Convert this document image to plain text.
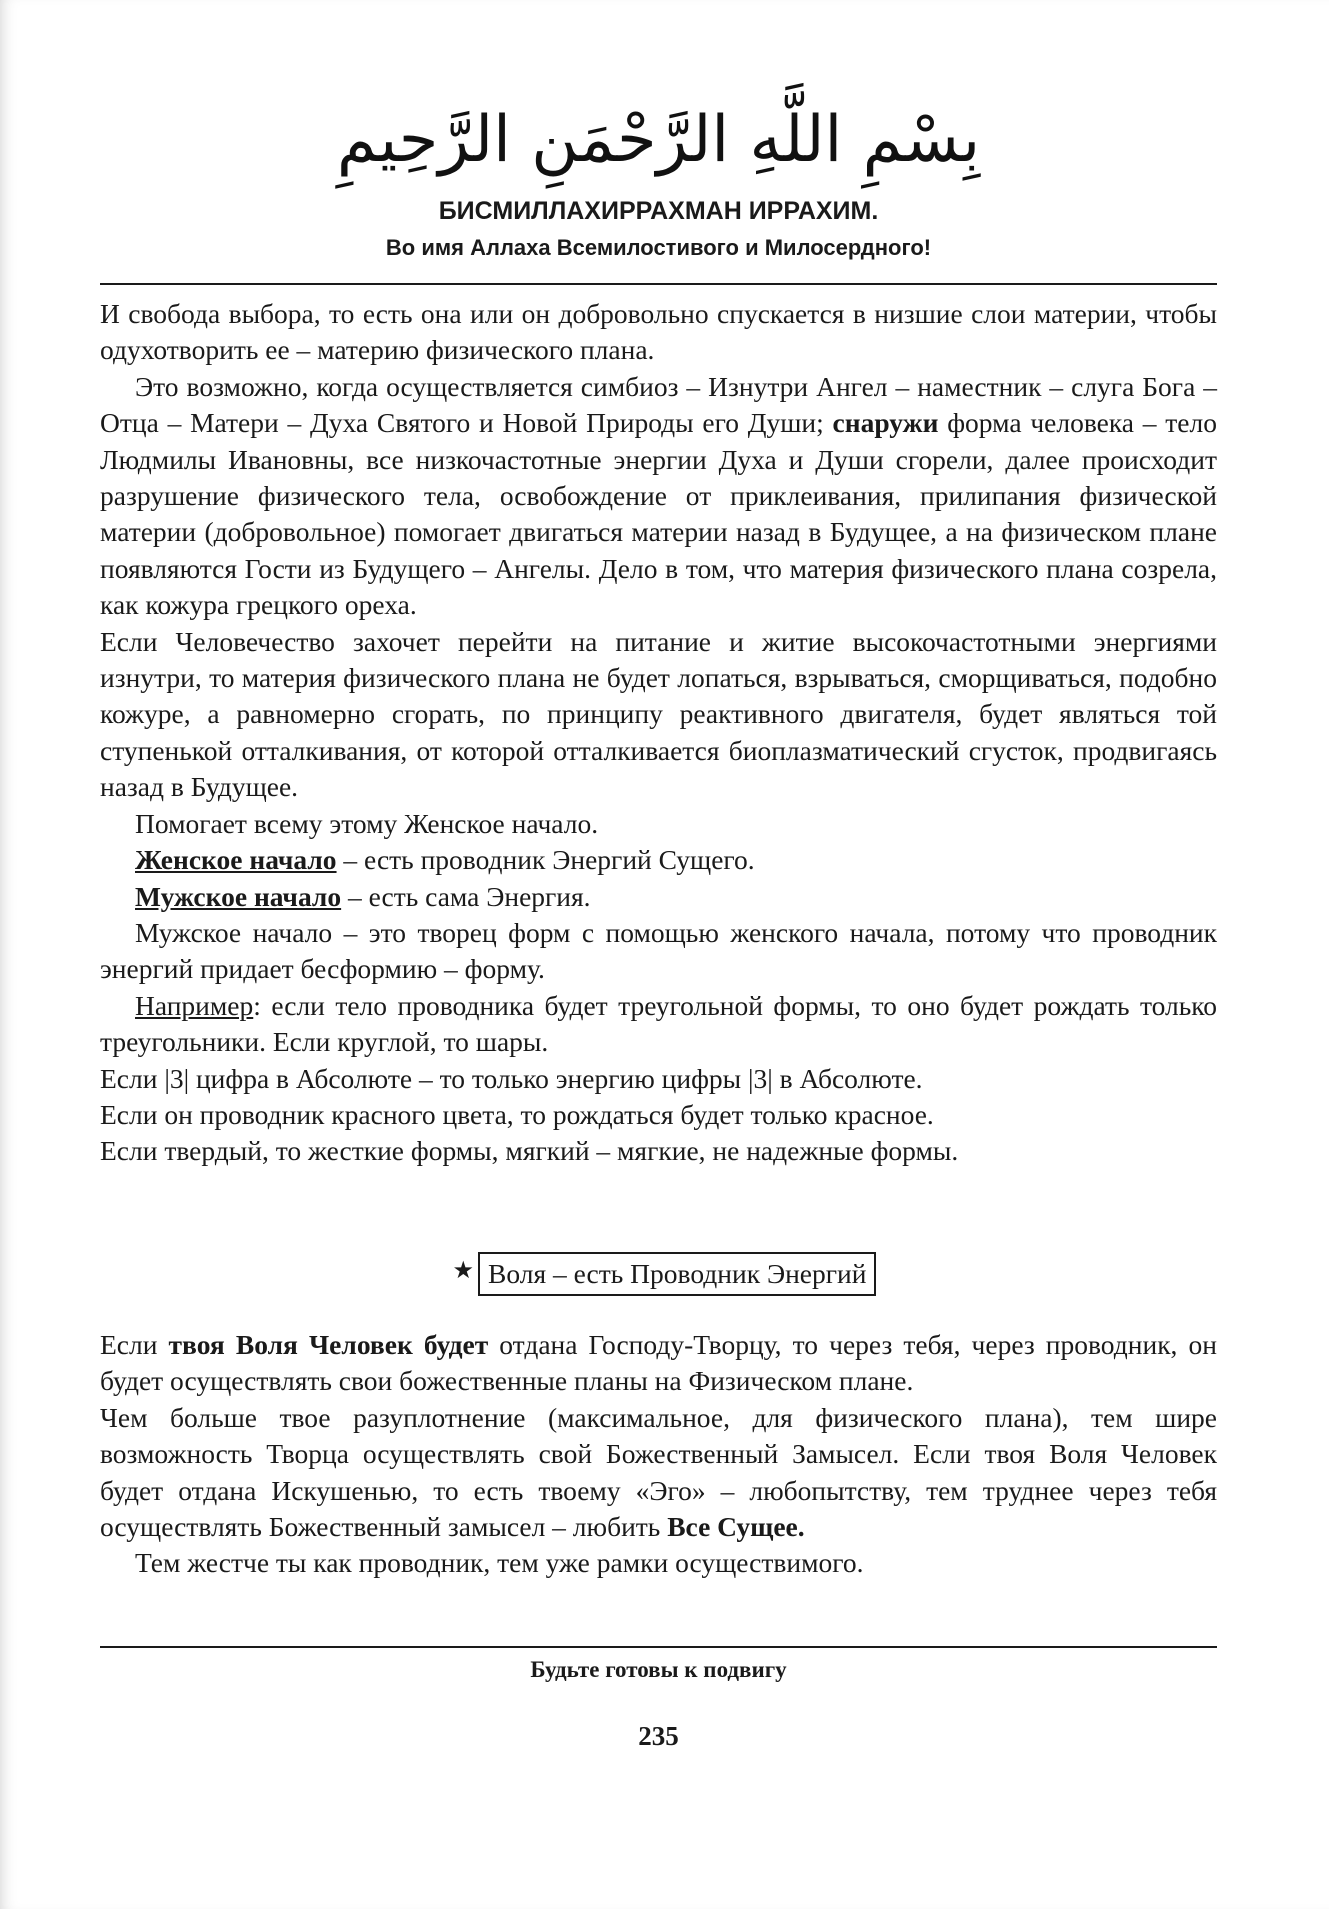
بِسْمِ اللَّهِ الرَّحْمَنِ الرَّحِيمِ
БИСМИЛЛАХИРРАХМАН ИРРАХИМ.
Во имя Аллаха Всемилостивого и Милосердного!

И свобода выбора, то есть она или он добровольно спускается в низшие слои материи, чтобы одухотворить ее – материю физического плана.

Это возможно, когда осуществляется симбиоз – Изнутри Ангел – наместник – слуга Бога – Отца – Матери – Духа Святого и Новой Природы его Души; снаружи форма человека – тело Людмилы Ивановны, все низкочастотные энергии Духа и Души сгорели, далее происходит разрушение физического тела, освобождение от приклеивания, прилипания физической материи (добровольное) помогает двигаться материи назад в Будущее, а на физическом плане появляются Гости из Будущего – Ангелы. Дело в том, что материя физического плана созрела, как кожура грецкого ореха.

Если Человечество захочет перейти на питание и житие высокочастотными энергиями изнутри, то материя физического плана не будет лопаться, взрываться, сморщиваться, подобно кожуре, а равномерно сгорать, по принципу реактивного двигателя, будет являться той ступенькой отталкивания, от которой отталкивается биоплазматический сгусток, продвигаясь назад в Будущее.

Помогает всему этому Женское начало.

Женское начало – есть проводник Энергий Сущего.

Мужское начало – есть сама Энергия.

Мужское начало – это творец форм с помощью женского начала, потому что проводник энергий придает бесформию – форму.

Например: если тело проводника будет треугольной формы, то оно будет рождать только треугольники. Если круглой, то шары.

Если |3| цифра в Абсолюте – то только энергию цифры |3| в Абсолюте.

Если он проводник красного цвета, то рождаться будет только красное.

Если твердый, то жесткие формы, мягкий – мягкие, не надежные формы.

★ Воля – есть Проводник Энергий

Если твоя Воля Человек будет отдана Господу-Творцу, то через тебя, через проводник, он будет осуществлять свои божественные планы на Физическом плане.

Чем больше твое разуплотнение (максимальное, для физического плана), тем шире возможность Творца осуществлять свой Божественный Замысел. Если твоя Воля Человек будет отдана Искушенью, то есть твоему «Эго» – любопытству, тем труднее через тебя осуществлять Божественный замысел – любить Все Сущее.

Тем жестче ты как проводник, тем уже рамки осуществимого.

Будьте готовы к подвигу
235
